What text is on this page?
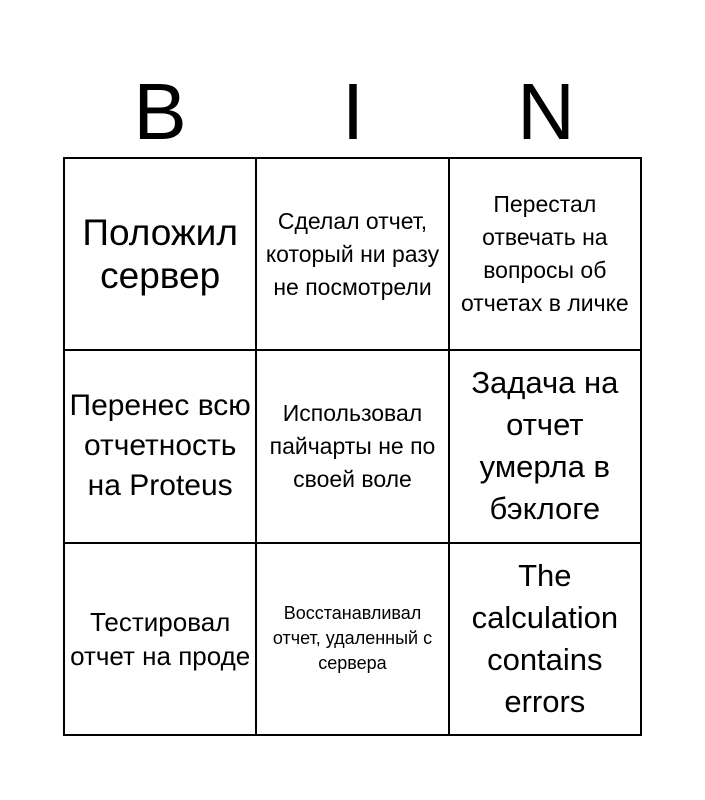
B	I	N
Положил сервер
Сделал отчет, который ни разу не посмотрели
Перестал отвечать на вопросы об отчетах в личке
Перенес всю отчетность на Proteus
Использовал пайчарты не по своей воле
Задача на отчет умерла в бэклоге
Тестировал отчет на проде
Восстанавливал отчет, удаленный с сервера
The calculation contains errors
